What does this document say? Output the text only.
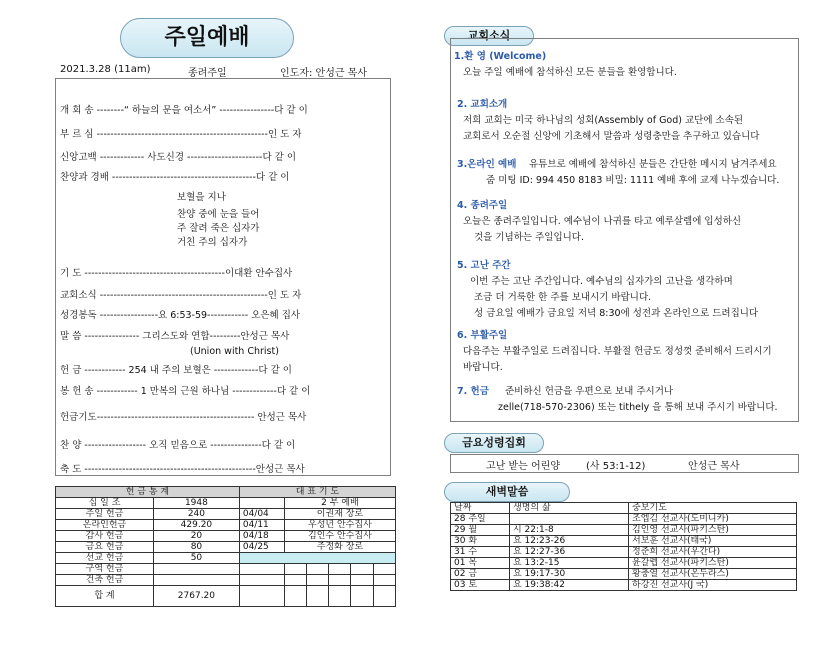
주일예배
2021.3.28 (11am)	종려주일	인도자: 안성근 목사
개 회 송 --------“ 하늘의 문을 여소서” ----------------다 같 이
부 르 심 --------------------------------------------------인 도 자
신앙고백 ------------- 사도신경 ----------------------다 같 이
찬양과 경배 ------------------------------------------다 같 이
보혈을 지나
찬양 중에 눈을 들어
주 잘려 죽은 십자가
거친 주의 십자가
기 도 -----------------------------------------이대환 안수집사
교회소식 -------------------------------------------------인 도 자
성경봉독 -----------------요 6:53-59------------ 오은혜 집사
말 씀 ---------------- 그리스도와 연합---------안성근 목사
(Union with Christ)
헌 금 ------------ 254 내 주의 보혈은 -------------다 같 이
봉 헌 송 ------------ 1 만복의 근원 하나님 -------------다 같 이
헌금기도---------------------------------------------- 안성근 목사
찬 양 ------------------ 오직 믿음으로 ---------------다 같 이
축 도 --------------------------------------------------안성근 목사
헌 금 통 계		대 표 기 도					
십 일 조	1948		2 부 예배				
주일 헌금	240	04/04	이권재 장로				
온라인헌금	429.20	04/11	우성년 안수집사				
감사 헌금	20	04/18	김인수 안수집사				
금요 헌금	80	04/25	주정화 장로				
선교 헌금	50						
구역 헌금							
건축 헌금							
합 계	2767.20						
교회소식
1.환 영 (Welcome)
오늘 주일 예배에 참석하신 모든 분들을 환영합니다.
2. 교회소개
저희 교회는 미국 하나님의 성회(Assembly of God) 교단에 소속된
교회로서 오순절 신앙에 기초해서 말씀과 성령충만을 추구하고 있습니다
3.온라인 예배 유튜브로 예배에 참석하신 분들은 간단한 메시지 남겨주세요
줌 미팅 ID: 994 450 8183 비밀: 1111 예배 후에 교제 나누겠습니다.
4. 종려주일
오늘은 종려주일입니다. 예수님이 나귀를 타고 예루살렘에 입성하신
것을 기념하는 주일입니다.
5. 고난 주간
이번 주는 고난 주간입니다. 예수님의 십자가의 고난을 생각하며
조금 더 거룩한 한 주를 보내시기 바랍니다.
성 금요일 예배가 금요일 저녁 8:30에 성전과 온라인으로 드려집니다
6. 부활주일
다음주는 부활주일로 드려집니다. 부활절 헌금도 정성껏 준비해서 드리시기
바랍니다.
7. 헌금 준비하신 헌금을 우편으로 보내 주시거나
zelle(718-570-2306) 또는 tithely 을 통해 보내 주시기 바랍니다.
금요성령집회
고난 받는 어린양	(사 53:1-12)	안성근 목사
새벽말씀
날짜	생명의 삶	중보기도
28 주일		조엡김 선교사(도미니카)
29 월	시 22:1-8	김인영 선교사(파키스탄)
30 화	요 12:23-26	서보훈 선교사(태국)
31 수	요 12:27-36	정준희 선교사(우간다)
01 목	요 13:2-15	윤갈렙 선교사(파키스탄)
02 금	요 19:17-30	황충열 선교사(온두라스)
03 토	요 19:38:42	하강진 선교사(J 국)
